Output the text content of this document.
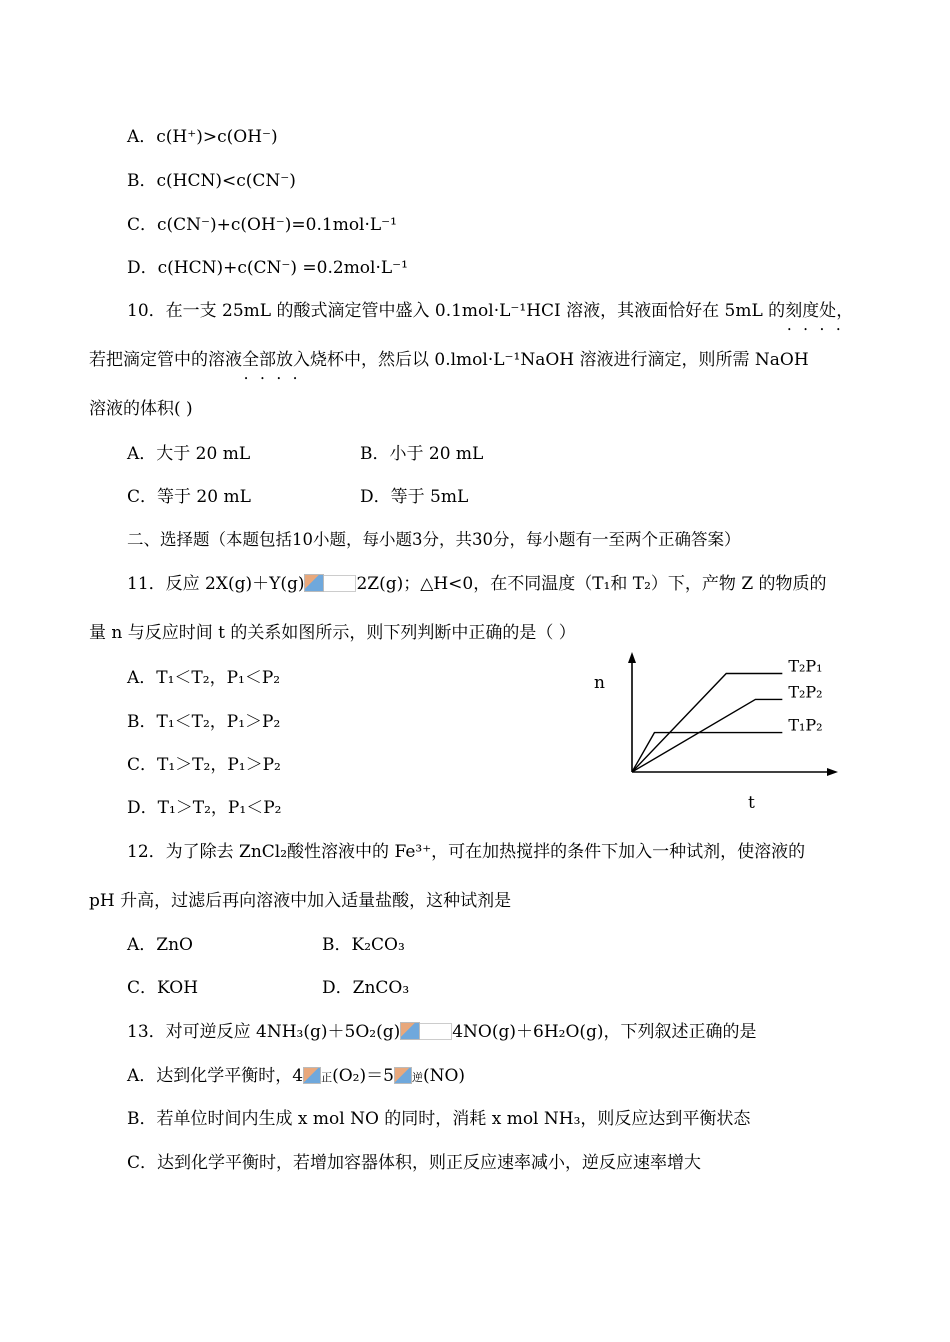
A．c(H⁺)>c(OH⁻)
B．c(HCN)<c(CN⁻)
C．c(CN⁻)+c(OH⁻)=0.1mol·L⁻¹
D．c(HCN)+c(CN⁻) =0.2mol·L⁻¹
10．在一支 25mL 的酸式滴定管中盛入 0.1mol·L⁻¹HCI 溶液，其液面恰好在 5mL 的刻度处 • • • •，
若把滴定管中的溶液全部放入 • • • •烧杯中，然后以 0.lmol·L⁻¹NaOH 溶液进行滴定，则所需 NaOH
溶液的体积( )
A．大于 20 mL	B．小于 20 mL
C．等于 20 mL	D．等于 5mL
二、选择题（本题包括10小题，每小题3分，共30分，每小题有一至两个正确答案）
11．反应 2X(g)＋Y(g)	2Z(g)；△H<0，在不同温度（T₁和 T₂）下，产物 Z 的物质的
量 n 与反应时间 t 的关系如图所示，则下列判断中正确的是（ ）
A．T₁＜T₂，P₁＜P₂
B．T₁＜T₂，P₁＞P₂
C．T₁＞T₂，P₁＞P₂
D．T₁＞T₂，P₁＜P₂
n
t
T₂P₁
T₂P₂
T₁P₂
12．为了除去 ZnCl₂酸性溶液中的 Fe³⁺，可在加热搅拌的条件下加入一种试剂，使溶液的
pH 升高，过滤后再向溶液中加入适量盐酸，这种试剂是
A．ZnO	B．K₂CO₃
C．KOH	D．ZnCO₃
13．对可逆反应 4NH₃(g)＋5O₂(g)	4NO(g)＋6H₂O(g)，下列叙述正确的是
A．达到化学平衡时，4 正(O₂)＝5 逆(NO)
B．若单位时间内生成 x mol NO 的同时，消耗 x mol NH₃，则反应达到平衡状态
C．达到化学平衡时，若增加容器体积，则正反应速率减小，逆反应速率增大
